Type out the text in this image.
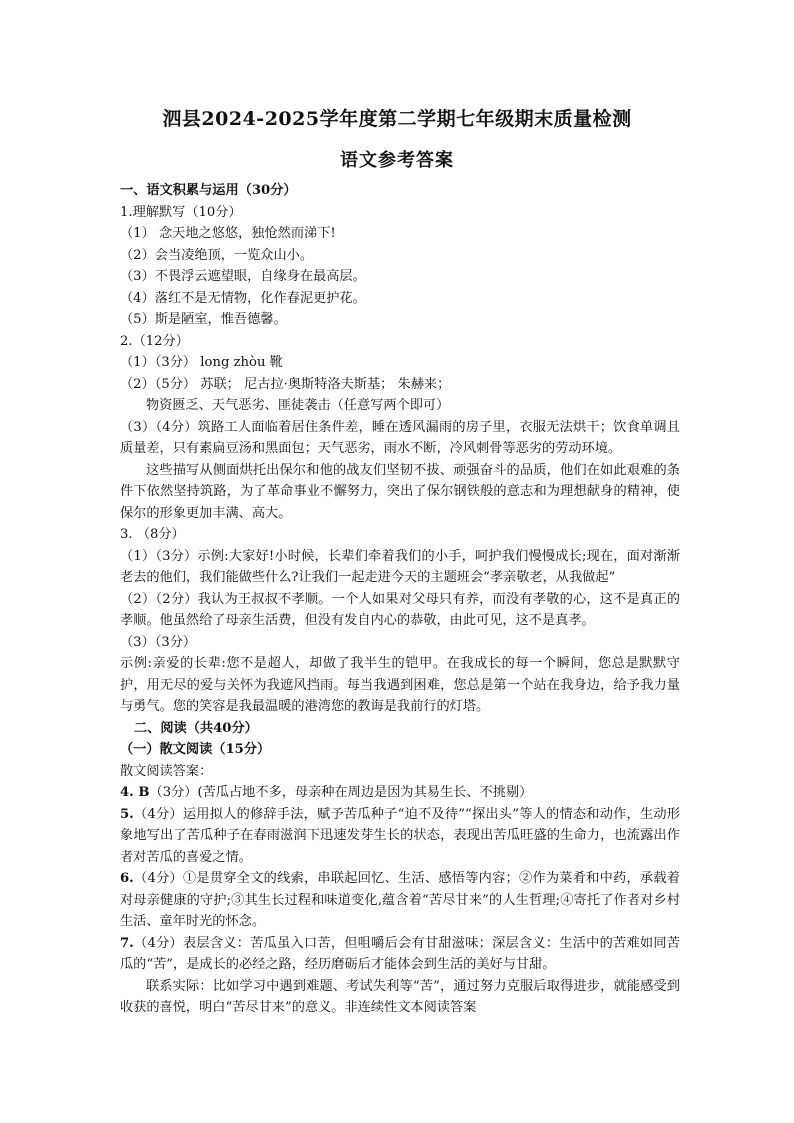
泗县2024-2025学年度第二学期七年级期末质量检测
语文参考答案

一、语文积累与运用（30分）

1.理解默写（10分）

（1） 念天地之悠悠，独怆然而涕下!

（2）会当凌绝顶，一览众山小。

（3）不畏浮云遮望眼，自缘身在最高层。

（4）落红不是无情物，化作春泥更护花。

（5）斯是陋室，惟吾德馨。

2.（12分）

（1）（3分） long zhòu 靴

（2）（5分） 苏联； 尼古拉·奥斯特洛夫斯基； 朱赫来；

物资匮乏、天气恶劣、匪徒袭击（任意写两个即可）

（3）（4分）筑路工人面临着居住条件差，睡在透风漏雨的房子里，衣服无法烘干；饮食单调且质量差，只有素扁豆汤和黑面包；天气恶劣，雨水不断，冷风刺骨等恶劣的劳动环境。

这些描写从侧面烘托出保尔和他的战友们坚韧不拔、顽强奋斗的品质，他们在如此艰难的条件下依然坚持筑路，为了革命事业不懈努力，突出了保尔钢铁般的意志和为理想献身的精神，使保尔的形象更加丰满、高大。

3. （8分）

（1）（3分）示例:大家好!小时候，长辈们牵着我们的小手，呵护我们慢慢成长;现在，面对渐渐老去的他们，我们能做些什么?让我们一起走进今天的主题班会“孝亲敬老，从我做起”

（2）（2分）我认为王叔叔不孝顺。一个人如果对父母只有养，而没有孝敬的心，这不是真正的孝顺。他虽然给了母亲生活费，但没有发自内心的恭敬，由此可见，这不是真孝。

（3）（3分）

示例:亲爱的长辈:您不是超人，却做了我半生的铠甲。在我成长的每一个瞬间，您总是默默守护，用无尽的爱与关怀为我遮风挡雨。每当我遇到困难，您总是第一个站在我身边，给予我力量与勇气。您的笑容是我最温暖的港湾您的教诲是我前行的灯塔。

二、阅读（共40分）

（一）散文阅读（15分）

散文阅读答案：

4. B（3分）(苦瓜占地不多，母亲种在周边是因为其易生长、不挑剔）

5.（4分）运用拟人的修辞手法，赋予苦瓜种子“迫不及待”“探出头”等人的情态和动作，生动形象地写出了苦瓜种子在春雨滋润下迅速发芽生长的状态，表现出苦瓜旺盛的生命力，也流露出作者对苦瓜的喜爱之情。

6.（4分）①是贯穿全文的线索，串联起回忆、生活、感悟等内容；②作为菜肴和中药，承载着对母亲健康的守护;③其生长过程和味道变化,蕴含着“苦尽甘来”的人生哲理;④寄托了作者对乡村生活、童年时光的怀念。

7.（4分）表层含义：苦瓜虽入口苦，但咀嚼后会有甘甜滋味；深层含义：生活中的苦难如同苦瓜的“苦”，是成长的必经之路，经历磨砺后才能体会到生活的美好与甘甜。

联系实际：比如学习中遇到难题、考试失利等“苦”，通过努力克服后取得进步，就能感受到收获的喜悦，明白“苦尽甘来”的意义。非连续性文本阅读答案
